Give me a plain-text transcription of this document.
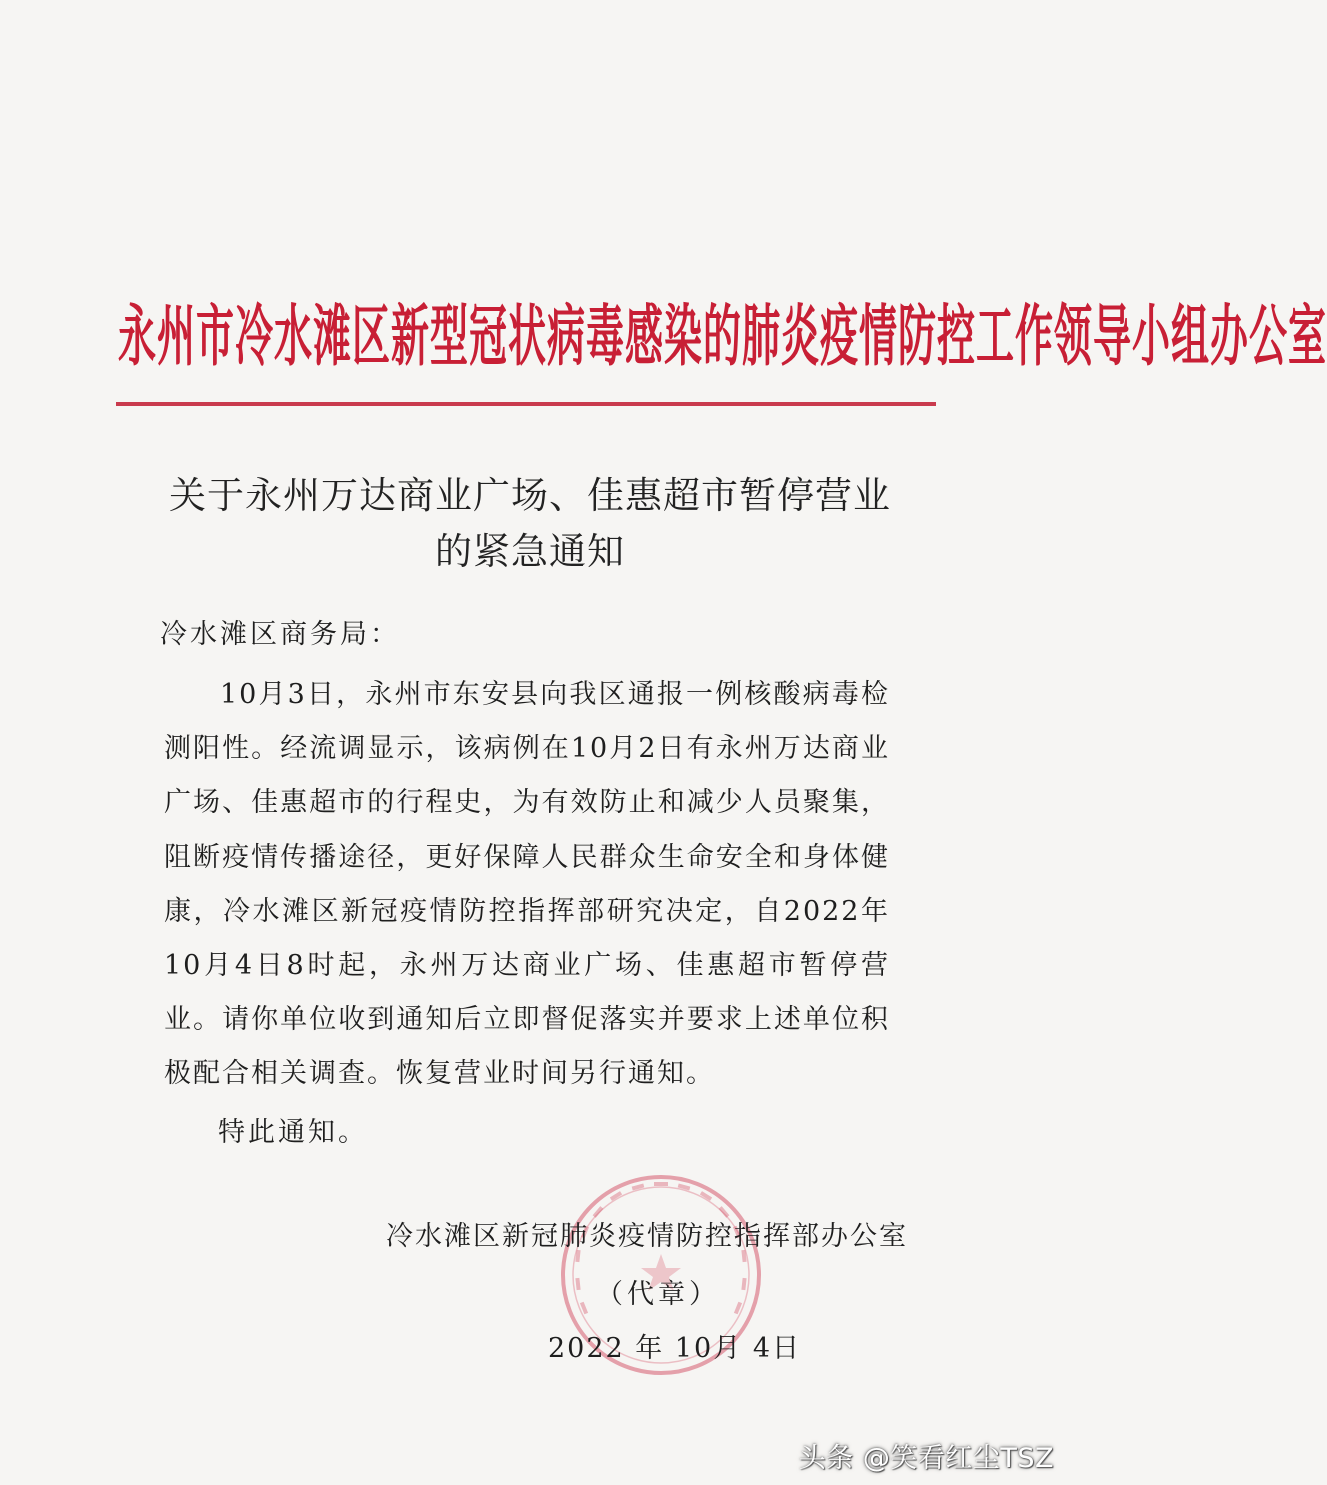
永州市冷水滩区新型冠状病毒感染的肺炎疫情防控工作领导小组办公室
关于永州万达商业广场、佳惠超市暂停营业
的紧急通知
冷水滩区商务局：

10月3日，永州市东安县向我区通报一例核酸病毒检测阳性。经流调显示，该病例在10月2日有永州万达商业广场、佳惠超市的行程史，为有效防止和减少人员聚集，阻断疫情传播途径，更好保障人民群众生命安全和身体健康，冷水滩区新冠疫情防控指挥部研究决定，自2022年10月4日8时起，永州万达商业广场、佳惠超市暂停营业。请你单位收到通知后立即督促落实并要求上述单位积极配合相关调查。恢复营业时间另行通知。

特此通知。
冷水滩区新冠肺炎疫情防控指挥部办公室
（代章）
2022 年 10月 4日
头条 @笑看红尘TSZ
